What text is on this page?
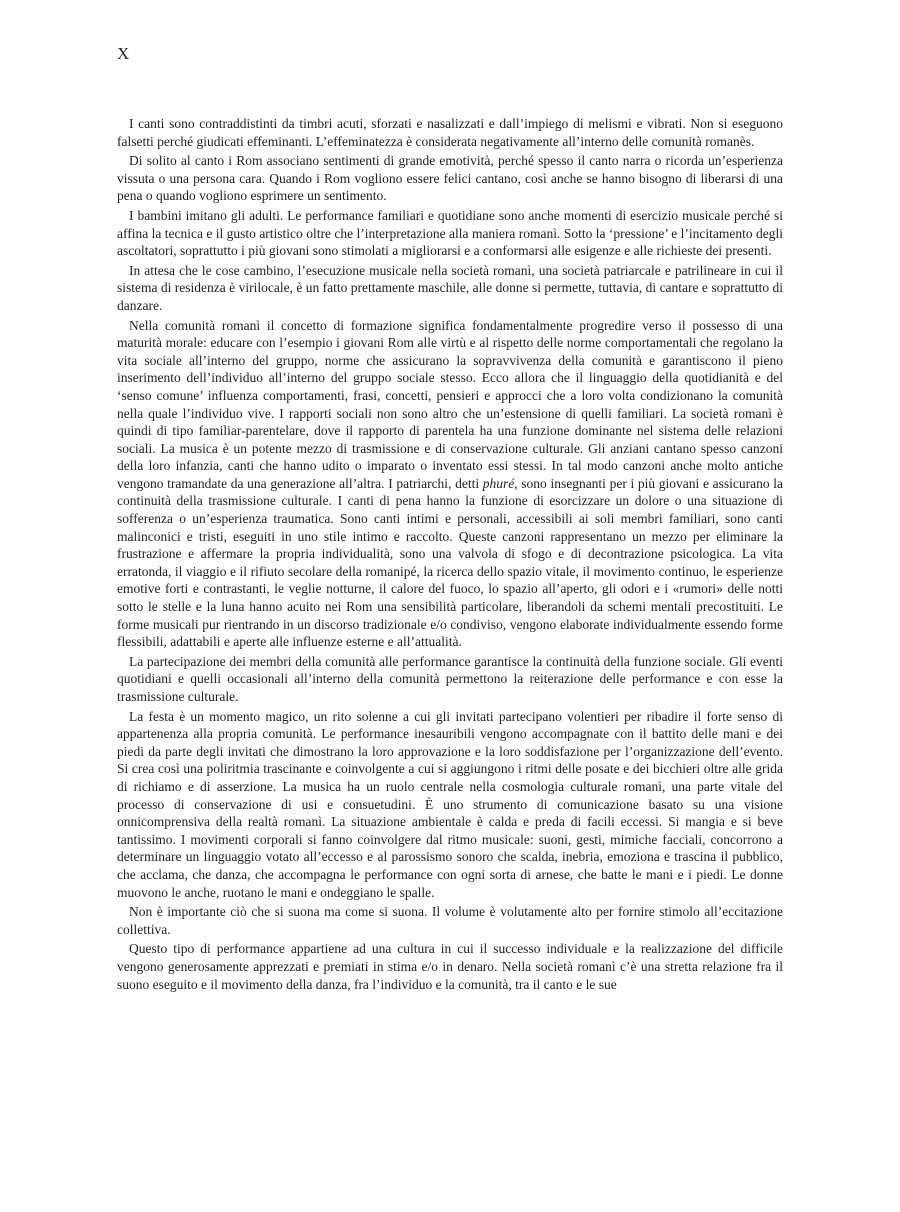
X

I canti sono contraddistinti da timbri acuti, sforzati e nasalizzati e dall’impiego di melismi e vibrati. Non si eseguono falsetti perché giudicati effeminanti. L’effeminatezza è considerata negativamente all’interno delle comunità romanès.

Di solito al canto i Rom associano sentimenti di grande emotività, perché spesso il canto narra o ricorda un’esperienza vissuta o una persona cara. Quando i Rom vogliono essere felici cantano, così anche se hanno bisogno di liberarsi di una pena o quando vogliono esprimere un sentimento.

I bambini imitano gli adulti. Le performance familiari e quotidiane sono anche momenti di esercizio musicale perché si affina la tecnica e il gusto artistico oltre che l’interpretazione alla maniera romanì. Sotto la ‘pressione’ e l’incitamento degli ascoltatori, soprattutto i più giovani sono stimolati a migliorarsi e a conformarsi alle esigenze e alle richieste dei presenti.

In attesa che le cose cambino, l’esecuzione musicale nella società romanì, una società patriarcale e patrilineare in cui il sistema di residenza è virilocale, è un fatto prettamente maschile, alle donne si permette, tuttavia, di cantare e soprattutto di danzare.

Nella comunità romanì il concetto di formazione significa fondamentalmente progredire verso il possesso di una maturità morale: educare con l’esempio i giovani Rom alle virtù e al rispetto delle norme comportamentali che regolano la vita sociale all’interno del gruppo, norme che assicurano la sopravvivenza della comunità e garantiscono il pieno inserimento dell’individuo all’interno del gruppo sociale stesso. Ecco allora che il linguaggio della quotidianità e del ‘senso comune’ influenza comportamenti, frasi, concetti, pensieri e approcci che a loro volta condizionano la comunità nella quale l’individuo vive. I rapporti sociali non sono altro che un’estensione di quelli familiari. La società romanì è quindi di tipo familiar-parentelare, dove il rapporto di parentela ha una funzione dominante nel sistema delle relazioni sociali. La musica è un potente mezzo di trasmissione e di conservazione culturale. Gli anziani cantano spesso canzoni della loro infanzia, canti che hanno udito o imparato o inventato essi stessi. In tal modo canzoni anche molto antiche vengono tramandate da una generazione all’altra. I patriarchi, detti phuré, sono insegnanti per i più giovani e assicurano la continuità della trasmissione culturale. I canti di pena hanno la funzione di esorcizzare un dolore o una situazione di sofferenza o un’esperienza traumatica. Sono canti intimi e personali, accessibili ai soli membri familiari, sono canti malinconici e tristi, eseguiti in uno stile intimo e raccolto. Queste canzoni rappresentano un mezzo per eliminare la frustrazione e affermare la propria individualità, sono una valvola di sfogo e di decontrazione psicologica. La vita erratonda, il viaggio e il rifiuto secolare della romanipé, la ricerca dello spazio vitale, il movimento continuo, le esperienze emotive forti e contrastanti, le veglie notturne, il calore del fuoco, lo spazio all’aperto, gli odori e i «rumori» delle notti sotto le stelle e la luna hanno acuito nei Rom una sensibilità particolare, liberandoli da schemi mentali precostituiti. Le forme musicali pur rientrando in un discorso tradizionale e/o condiviso, vengono elaborate individualmente essendo forme flessibili, adattabili e aperte alle influenze esterne e all’attualità.

La partecipazione dei membri della comunità alle performance garantisce la continuità della funzione sociale. Gli eventi quotidiani e quelli occasionali all’interno della comunità permettono la reiterazione delle performance e con esse la trasmissione culturale.

La festa è un momento magico, un rito solenne a cui gli invitati partecipano volentieri per ribadire il forte senso di appartenenza alla propria comunità. Le performance inesauribili vengono accompagnate con il battito delle mani e dei piedi da parte degli invitati che dimostrano la loro approvazione e la loro soddisfazione per l’organizzazione dell’evento. Si crea così una poliritmia trascinante e coinvolgente a cui si aggiungono i ritmi delle posate e dei bicchieri oltre alle grida di richiamo e di asserzione. La musica ha un ruolo centrale nella cosmologia culturale romanì, una parte vitale del processo di conservazione di usi e consuetudini. È uno strumento di comunicazione basato su una visione onnicomprensiva della realtà romanì. La situazione ambientale è calda e preda di facili eccessi. Si mangia e si beve tantissimo. I movimenti corporali si fanno coinvolgere dal ritmo musicale: suoni, gesti, mimiche facciali, concorrono a determinare un linguaggio votato all’eccesso e al parossismo sonoro che scalda, inebria, emoziona e trascina il pubblico, che acclama, che danza, che accompagna le performance con ogni sorta di arnese, che batte le mani e i piedi. Le donne muovono le anche, ruotano le mani e ondeggiano le spalle.

Non è importante ciò che si suona ma come si suona. Il volume è volutamente alto per fornire stimolo all’eccitazione collettiva.

Questo tipo di performance appartiene ad una cultura in cui il successo individuale e la realizzazione del difficile vengono generosamente apprezzati e premiati in stima e/o in denaro. Nella società romanì c’è una stretta relazione fra il suono eseguito e il movimento della danza, fra l’individuo e la comunità, tra il canto e le sue
